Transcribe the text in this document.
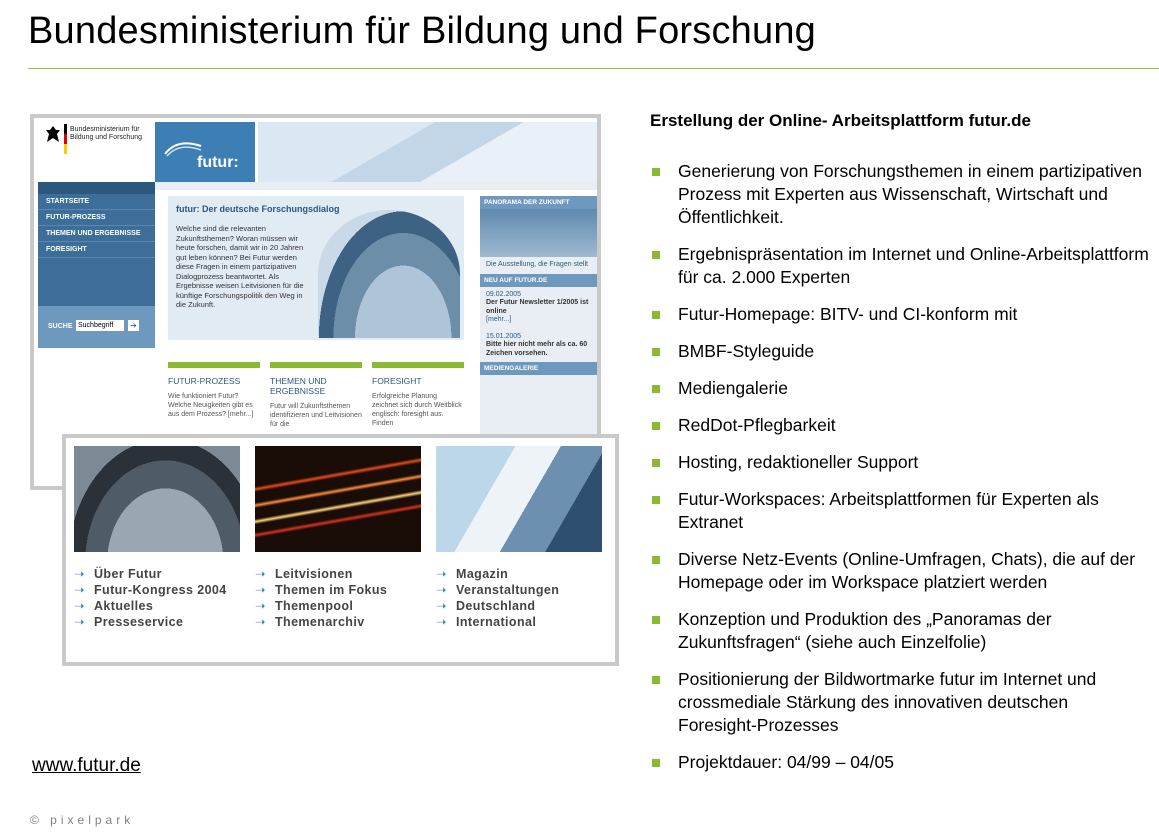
Bundesministerium für Bildung und Forschung
Bundesministerium für Bildung und Forschung
futur:
STARTSEITE
FUTUR-PROZESS
THEMEN UND ERGEBNISSE
FORESIGHT
SUCHE Suchbegriff	➔
futur: Der deutsche Forschungsdialog
Welche sind die relevanten Zukunftsthemen? Woran müssen wir heute forschen, damit wir in 20 Jahren gut leben können? Bei Futur werden diese Fragen in einem partizipativen Dialogprozess beantwortet. Als Ergebnisse weisen Leitvisionen für die künftige Forschungspolitik den Weg in die Zukunft.
PANORAMA DER ZUKUNFT
Die Ausstellung, die Fragen stellt
NEU AUF FUTUR.DE
09.02.2005
Der Futur Newsletter 1/2005 ist online
[mehr...]
15.01.2005
Bitte hier nicht mehr als ca. 60 Zeichen vorsehen.
MEDIENGALERIE
FUTUR-PROZESS
Wie funktioniert Futur? Welche Neuigkeiten gibt es aus dem Prozess? [mehr...]
THEMEN UND ERGEBNISSE
Futur will Zukunftsthemen identifizieren und Leitvisionen für die
FORESIGHT
Erfolgreiche Planung zeichnet sich durch Weitblick englisch: foresight aus. Finden
➝ Über Futur
➝ Futur-Kongress 2004
➝ Aktuelles
➝ Presseservice
➝ Leitvisionen
➝ Themen im Fokus
➝ Themenpool
➝ Themenarchiv
➝ Magazin
➝ Veranstaltungen
➝ Deutschland
➝ International
Erstellung der Online- Arbeitsplattform futur.de
Generierung von Forschungsthemen in einem partizipativen Prozess mit Experten aus Wissenschaft, Wirtschaft und Öffentlichkeit.
Ergebnispräsentation im Internet und Online-Arbeitsplattform für ca. 2.000 Experten
Futur-Homepage: BITV- und CI-konform mit
BMBF-Styleguide
Mediengalerie
RedDot-Pflegbarkeit
Hosting, redaktioneller Support
Futur-Workspaces: Arbeitsplattformen für Experten als Extranet
Diverse Netz-Events (Online-Umfragen, Chats), die auf der Homepage oder im Workspace platziert werden
Konzeption und Produktion des „Panoramas der Zukunftsfragen“ (siehe auch Einzelfolie)
Positionierung der Bildwortmarke futur im Internet und crossmediale Stärkung des innovativen deutschen Foresight-Prozesses
Projektdauer: 04/99 – 04/05
www.futur.de
© pixelpark
